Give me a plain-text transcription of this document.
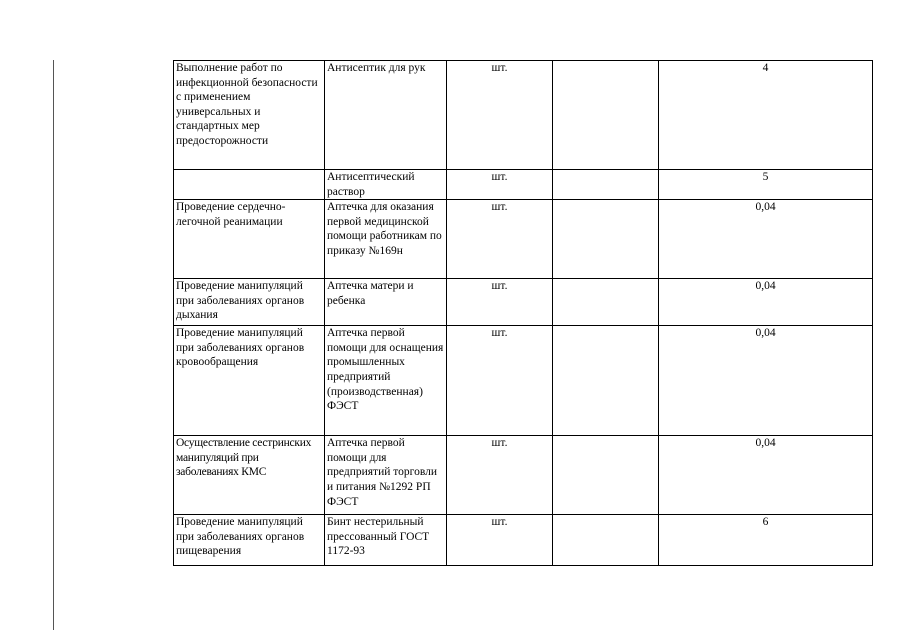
Выполнение работ по инфекционной безопасности с применением универсальных и стандартных мер предосторожности	Антисептик для рук	шт.		4
	Антисептический раствор	шт.		5
Проведение сердечно-легочной реанимации	Аптечка для оказания первой медицинской помощи работникам по приказу №169н	шт.		0,04
Проведение манипуляций при заболеваниях органов дыхания	Аптечка матери и ребенка	шт.		0,04
Проведение манипуляций при заболеваниях органов кровообращения	Аптечка первой помощи для оснащения промышленных предприятий (производственная) ФЭСТ	шт.		0,04
Осуществление сестринских манипуляций при заболеваниях КМС	Аптечка первой помощи для предприятий торговли и питания №1292 РП ФЭСТ	шт.		0,04
Проведение манипуляций при заболеваниях органов пищеварения	Бинт нестерильный прессованный ГОСТ 1172-93	шт.		6
